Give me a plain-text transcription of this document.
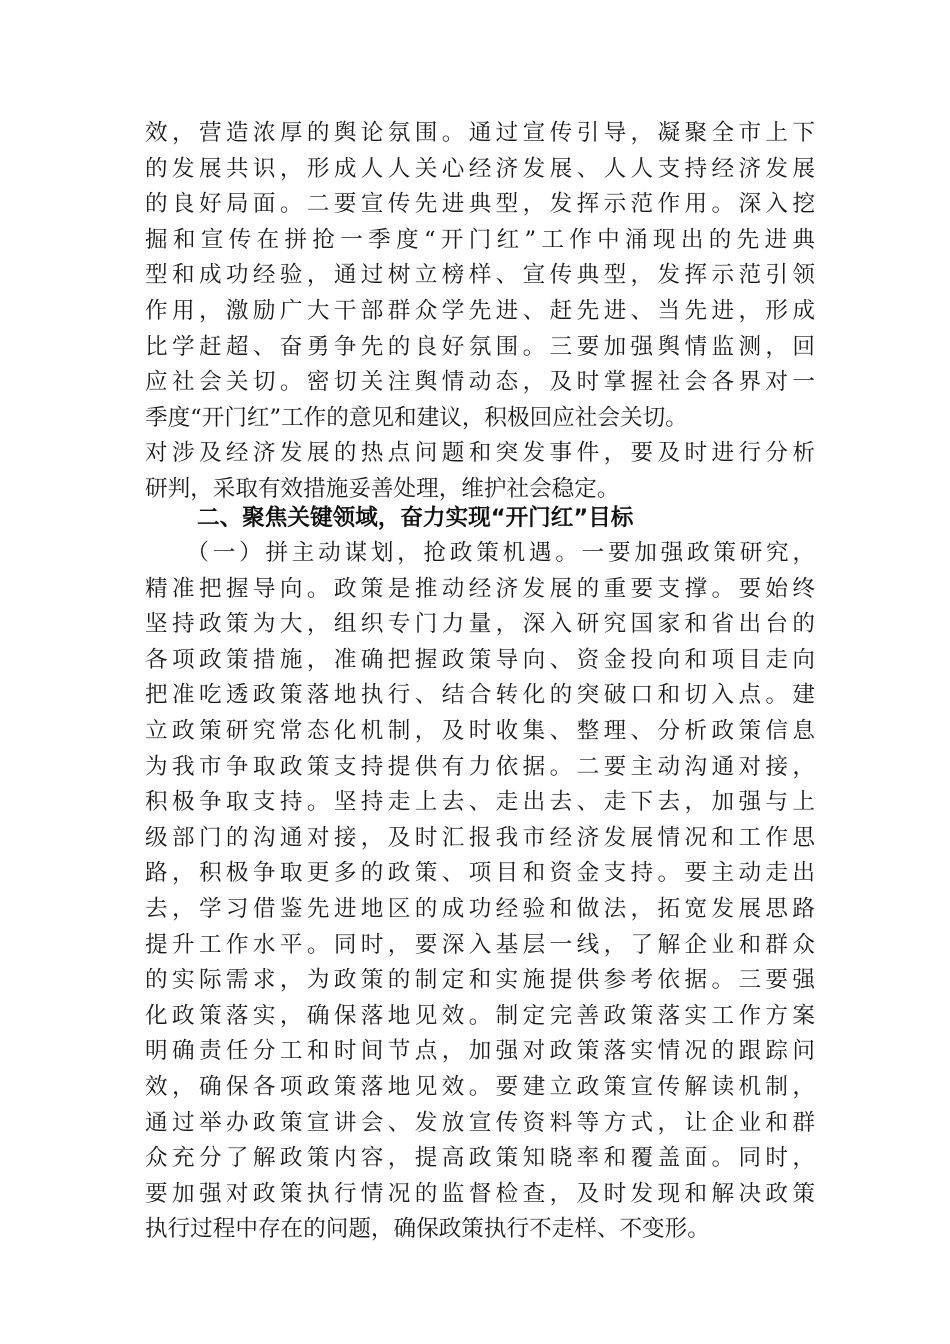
效，营造浓厚的舆论氛围。通过宣传引导，凝聚全市上下
的发展共识，形成人人关心经济发展、人人支持经济发展
的良好局面。二要宣传先进典型，发挥示范作用。深入挖
掘和宣传在拼抢一季度“开门红”工作中涌现出的先进典
型和成功经验，通过树立榜样、宣传典型，发挥示范引领
作用，激励广大干部群众学先进、赶先进、当先进，形成
比学赶超、奋勇争先的良好氛围。三要加强舆情监测，回
应社会关切。密切关注舆情动态，及时掌握社会各界对一
季度“开门红”工作的意见和建议，积极回应社会关切。
对涉及经济发展的热点问题和突发事件，要及时进行分析
研判，采取有效措施妥善处理，维护社会稳定。
二、聚焦关键领域，奋力实现“开门红”目标
　　（一）拼主动谋划，抢政策机遇。一要加强政策研究，
精准把握导向。政策是推动经济发展的重要支撑。要始终
坚持政策为大，组织专门力量，深入研究国家和省出台的
各项政策措施，准确把握政策导向、资金投向和项目走向
把准吃透政策落地执行、结合转化的突破口和切入点。建
立政策研究常态化机制，及时收集、整理、分析政策信息
为我市争取政策支持提供有力依据。二要主动沟通对接，
积极争取支持。坚持走上去、走出去、走下去，加强与上
级部门的沟通对接，及时汇报我市经济发展情况和工作思
路，积极争取更多的政策、项目和资金支持。要主动走出
去，学习借鉴先进地区的成功经验和做法，拓宽发展思路
提升工作水平。同时，要深入基层一线，了解企业和群众
的实际需求，为政策的制定和实施提供参考依据。三要强
化政策落实，确保落地见效。制定完善政策落实工作方案
明确责任分工和时间节点，加强对政策落实情况的跟踪问
效，确保各项政策落地见效。要建立政策宣传解读机制，
通过举办政策宣讲会、发放宣传资料等方式，让企业和群
众充分了解政策内容，提高政策知晓率和覆盖面。同时，
要加强对政策执行情况的监督检查，及时发现和解决政策
执行过程中存在的问题，确保政策执行不走样、不变形。
